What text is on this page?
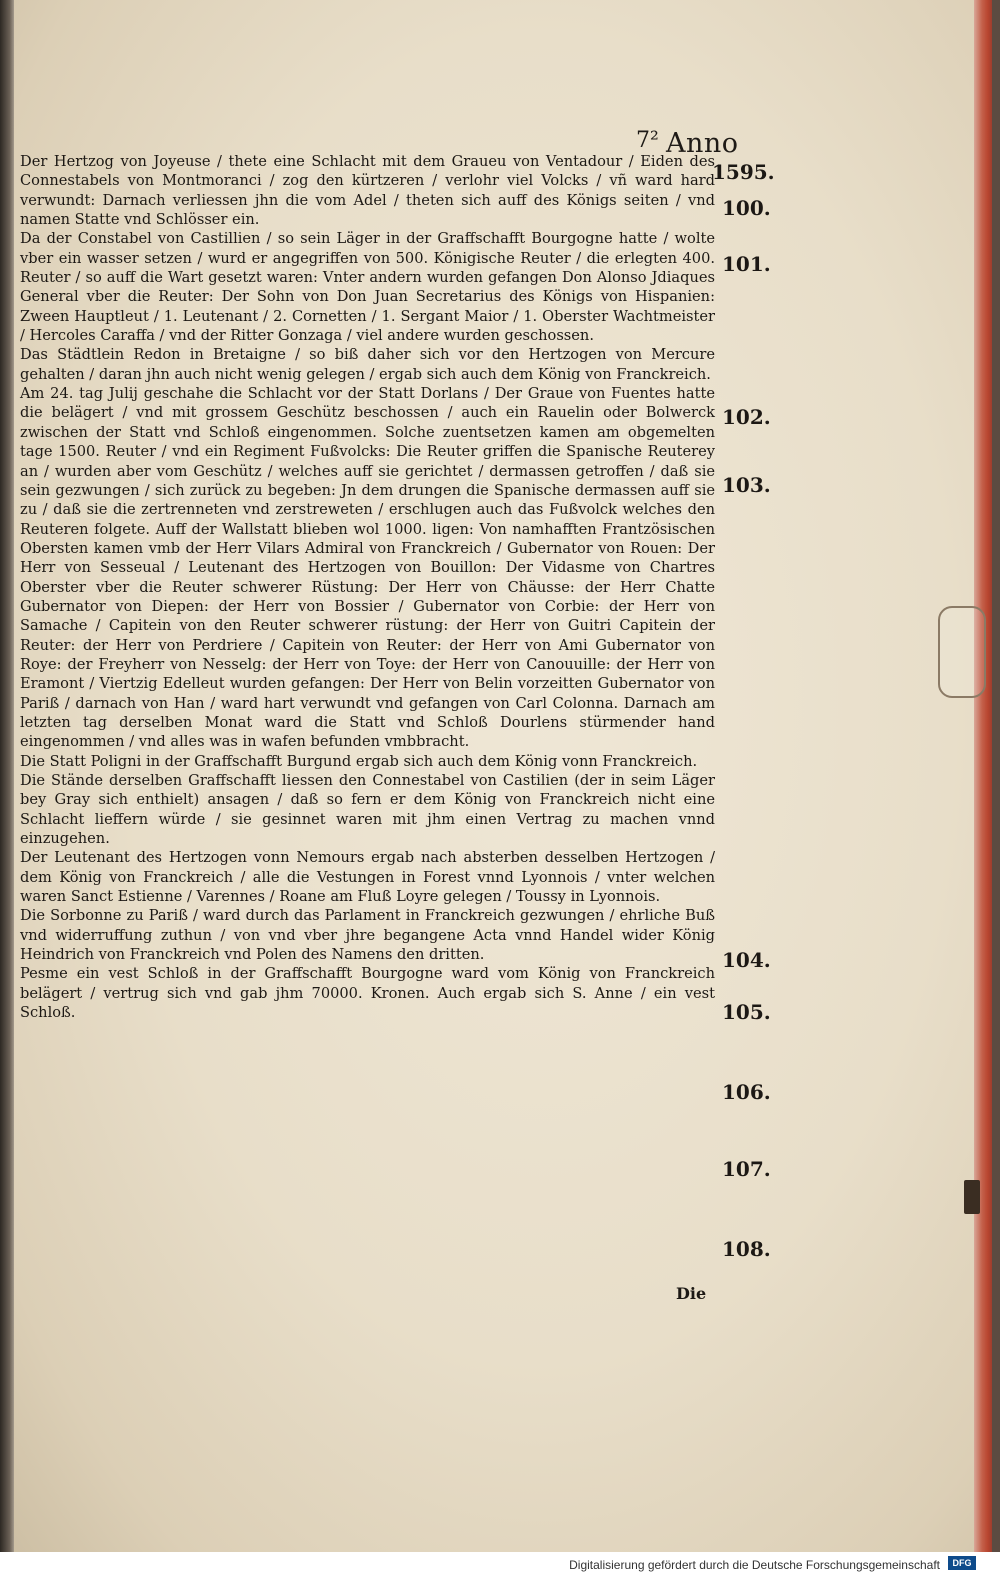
7² Anno

Der Hertzog von Joyeuse / thete eine Schlacht mit dem Graueu von Ventadour / Eiden des Connestabels von Montmoranci / zog den kürtzeren / verlohr viel Volcks / vñ ward hard verwundt: Darnach verliessen jhn die vom Adel / theten sich auff des Königs seiten / vnd namen Statte vnd Schlösser ein.

Da der Constabel von Castillien / so sein Läger in der Graffschafft Bourgogne hatte / wolte vber ein wasser setzen / wurd er angegriffen von 500. Königische Reuter / die erlegten 400. Reuter / so auff die Wart gesetzt waren: Vnter andern wurden gefangen Don Alonso Jdiaques General vber die Reuter: Der Sohn von Don Juan Secretarius des Königs von Hispanien: Zween Hauptleut / 1. Leutenant / 2. Cornetten / 1. Sergant Maior / 1. Oberster Wachtmeister / Hercoles Caraffa / vnd der Ritter Gonzaga / viel andere wurden geschossen.

Das Städtlein Redon in Bretaigne / so biß daher sich vor den Hertzogen von Mercure gehalten / daran jhn auch nicht wenig gelegen / ergab sich auch dem König von Franckreich.

Am 24. tag Julij geschahe die Schlacht vor der Statt Dorlans / Der Graue von Fuentes hatte die belägert / vnd mit grossem Geschütz beschossen / auch ein Rauelin oder Bolwerck zwischen der Statt vnd Schloß eingenommen. Solche zuentsetzen kamen am obgemelten tage 1500. Reuter / vnd ein Regiment Fußvolcks: Die Reuter griffen die Spanische Reuterey an / wurden aber vom Geschütz / welches auff sie gerichtet / dermassen getroffen / daß sie sein gezwungen / sich zurück zu begeben: Jn dem drungen die Spanische dermassen auff sie zu / daß sie die zertrenneten vnd zerstreweten / erschlugen auch das Fußvolck welches den Reuteren folgete. Auff der Wallstatt blieben wol 1000. ligen: Von namhafften Frantzösischen Obersten kamen vmb der Herr Vilars Admiral von Franckreich / Gubernator von Rouen: Der Herr von Sesseual / Leutenant des Hertzogen von Bouillon: Der Vidasme von Chartres Oberster vber die Reuter schwerer Rüstung: Der Herr von Chäusse: der Herr Chatte Gubernator von Diepen: der Herr von Bossier / Gubernator von Corbie: der Herr von Samache / Capitein von den Reuter schwerer rüstung: der Herr von Guitri Capitein der Reuter: der Herr von Perdriere / Capitein von Reuter: der Herr von Ami Gubernator von Roye: der Freyherr von Nesselg: der Herr von Toye: der Herr von Canouuille: der Herr von Eramont / Viertzig Edelleut wurden gefangen: Der Herr von Belin vorzeitten Gubernator von Pariß / darnach von Han / ward hart verwundt vnd gefangen von Carl Colonna. Darnach am letzten tag derselben Monat ward die Statt vnd Schloß Dourlens stürmender hand eingenommen / vnd alles was in wafen befunden vmbbracht.

Die Statt Poligni in der Graffschafft Burgund ergab sich auch dem König vonn Franckreich.

Die Stände derselben Graffschafft liessen den Connestabel von Castilien (der in seim Läger bey Gray sich enthielt) ansagen / daß so fern er dem König von Franckreich nicht eine Schlacht lieffern würde / sie gesinnet waren mit jhm einen Vertrag zu machen vnnd einzugehen.

Der Leutenant des Hertzogen vonn Nemours ergab nach absterben desselben Hertzogen / dem König von Franckreich / alle die Vestungen in Forest vnnd Lyonnois / vnter welchen waren Sanct Estienne / Varennes / Roane am Fluß Loyre gelegen / Toussy in Lyonnois.

Die Sorbonne zu Pariß / ward durch das Parlament in Franckreich gezwungen / ehrliche Buß vnd widerruffung zuthun / von vnd vber jhre begangene Acta vnnd Handel wider König Heindrich von Franckreich vnd Polen des Namens den dritten.

Pesme ein vest Schloß in der Graffschafft Bourgogne ward vom König von Franckreich belägert / vertrug sich vnd gab jhm 70000. Kronen. Auch ergab sich S. Anne / ein vest Schloß.

1595.
100.
101.
102.
103.
104.
105.
106.
107.
108.
Die
Digitalisierung gefördert durch die Deutsche Forschungsgemeinschaft	DFG
